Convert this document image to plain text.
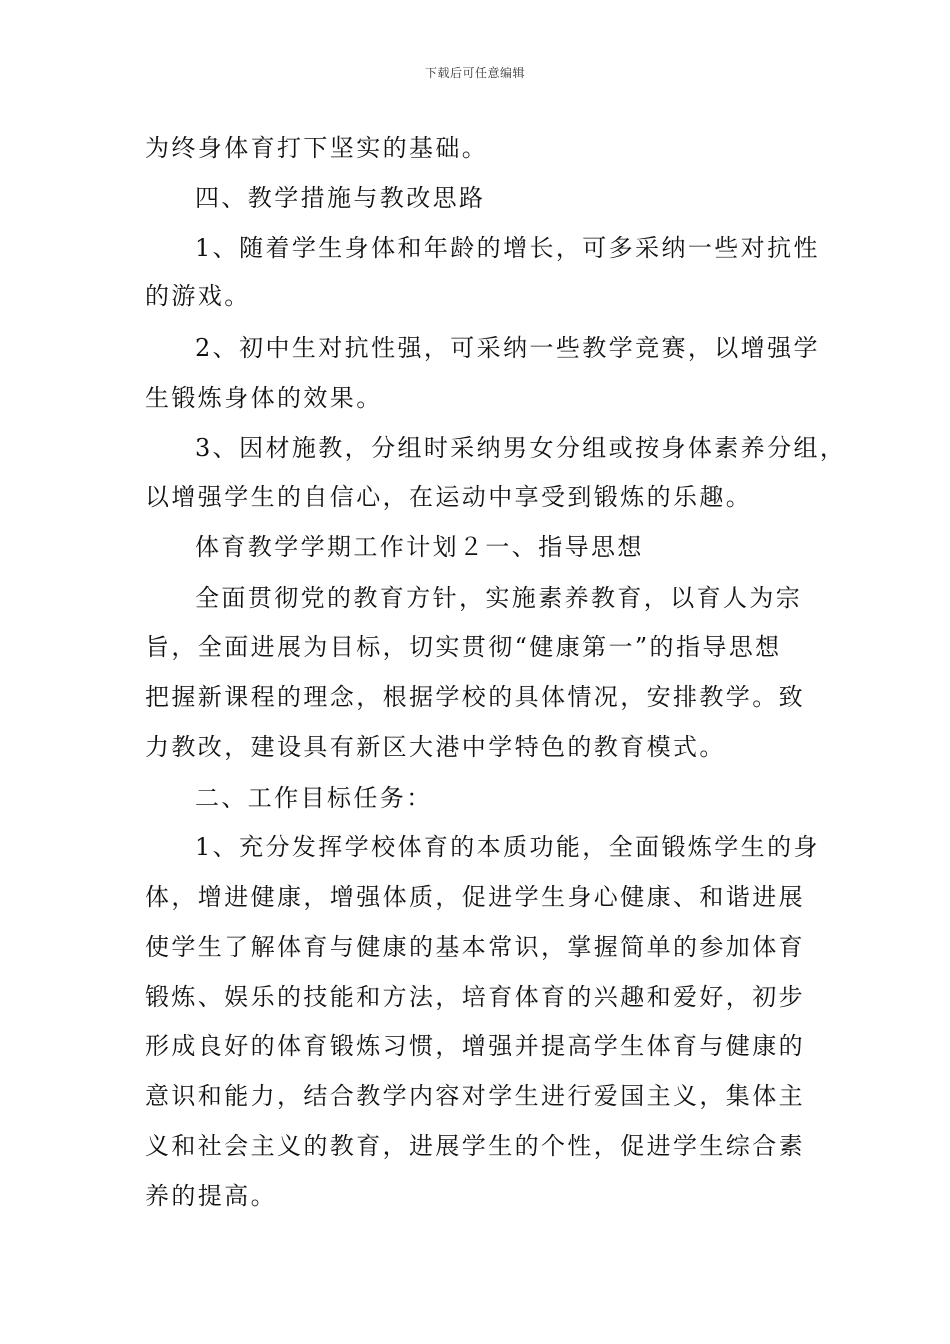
下载后可任意编辑
为终身体育打下坚实的基础。
四、教学措施与教改思路
1、随着学生身体和年龄的增长，可多采纳一些对抗性
的游戏。
2、初中生对抗性强，可采纳一些教学竞赛，以增强学
生锻炼身体的效果。
3、因材施教，分组时采纳男女分组或按身体素养分组，
以增强学生的自信心，在运动中享受到锻炼的乐趣。
体育教学学期工作计划２一、指导思想
全面贯彻党的教育方针，实施素养教育，以育人为宗
旨，全面进展为目标，切实贯彻“健康第一”的指导思想
把握新课程的理念，根据学校的具体情况，安排教学。致
力教改，建设具有新区大港中学特色的教育模式。
二、工作目标任务：
1、充分发挥学校体育的本质功能，全面锻炼学生的身
体，增进健康，增强体质，促进学生身心健康、和谐进展
使学生了解体育与健康的基本常识，掌握简单的参加体育
锻炼、娱乐的技能和方法，培育体育的兴趣和爱好，初步
形成良好的体育锻炼习惯，增强并提高学生体育与健康的
意识和能力，结合教学内容对学生进行爱国主义，集体主
义和社会主义的教育，进展学生的个性，促进学生综合素
养的提高。
